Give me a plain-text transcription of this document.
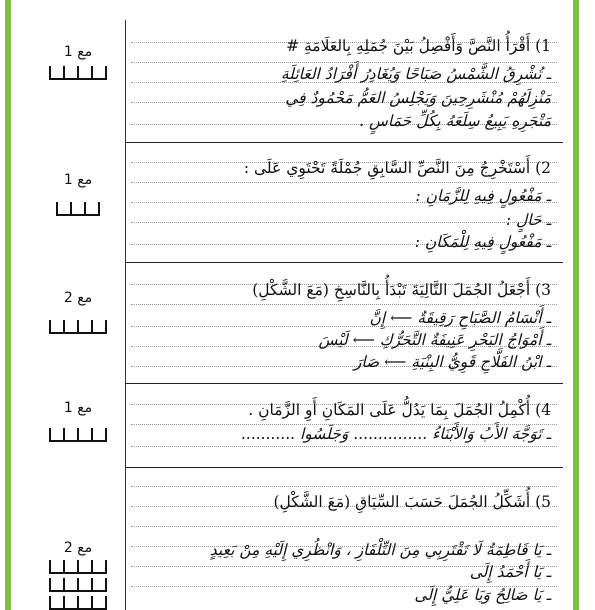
1 مع
1 مع
2 مع
1 مع
2 مع
1) أَقْرَأُ النَّصَّ وَأَفْصِلُ بَيْنَ جُمَلِهِ بِالعَلَامَةِ #
ـ تُشْرِقُ الشَّمْسُ صَبَاحًا وَيُغَادِرُ أَفْرَادُ العَائِلَةِ
مَنْزِلَهُمْ مُنْشَرِحِينَ وَيَجْلِسُ العَمُّ مَحْمُودٌ فِي
مَتْجَرِهِ يَبِيعُ سِلَعَهُ بِكُلِّ حَمَاسٍ .
2) أَسْتَخْرِجُ مِنَ النَّصِّ السَّابِقِ جُمْلَةً تَحْتَوِي عَلَى :
ـ مَفْعُولٍ فِيهِ لِلزَّمَانِ :
ـ حَالٍ :
ـ مَفْعُولٍ فِيهِ لِلْمَكَانِ :
3) أَجْعَلُ الجُمَلَ التَّالِيَةَ تَبْدَأُ بِالنَّاسِخِ (مَعَ الشَّكْلِ)
ـ أَنْسَامُ الصَّبَاحِ رَقِيقَةٌ ⟵ إِنَّ
ـ أَمْوَاجُ البَحْرِ عَنِيفَةٌ التَّحَرُّكِ ⟵ لَيْسَ
ـ ابْنُ الفَلَّاحِ قَوِيُّ البِنْيَةِ ⟵ صَارَ
4) أُكْمِلُ الجُمَلَ بِمَا يَدُلُّ عَلَى المَكَانِ أَوِ الزَّمَانِ .
ـ تَوَجَّهَ الأَبُ وَالأَبْنَاءُ ............... وَجَلَسُوا ...........
5) أُشَكِّلُ الجُمَلَ حَسَبَ السِّيَاقِ (مَعَ الشَّكْلِ)
ـ يَا فَاطِمَةُ لَا تَقْتَرِبِي مِنَ التِّلْفَازِ ، وَانْظُرِي إِلَيْهِ مِنْ بَعِيدٍ
ـ يَا أَحْمَدُ إِلَى
ـ يَا صَالِحُ وَيَا عَلِيُّ إِلَى
